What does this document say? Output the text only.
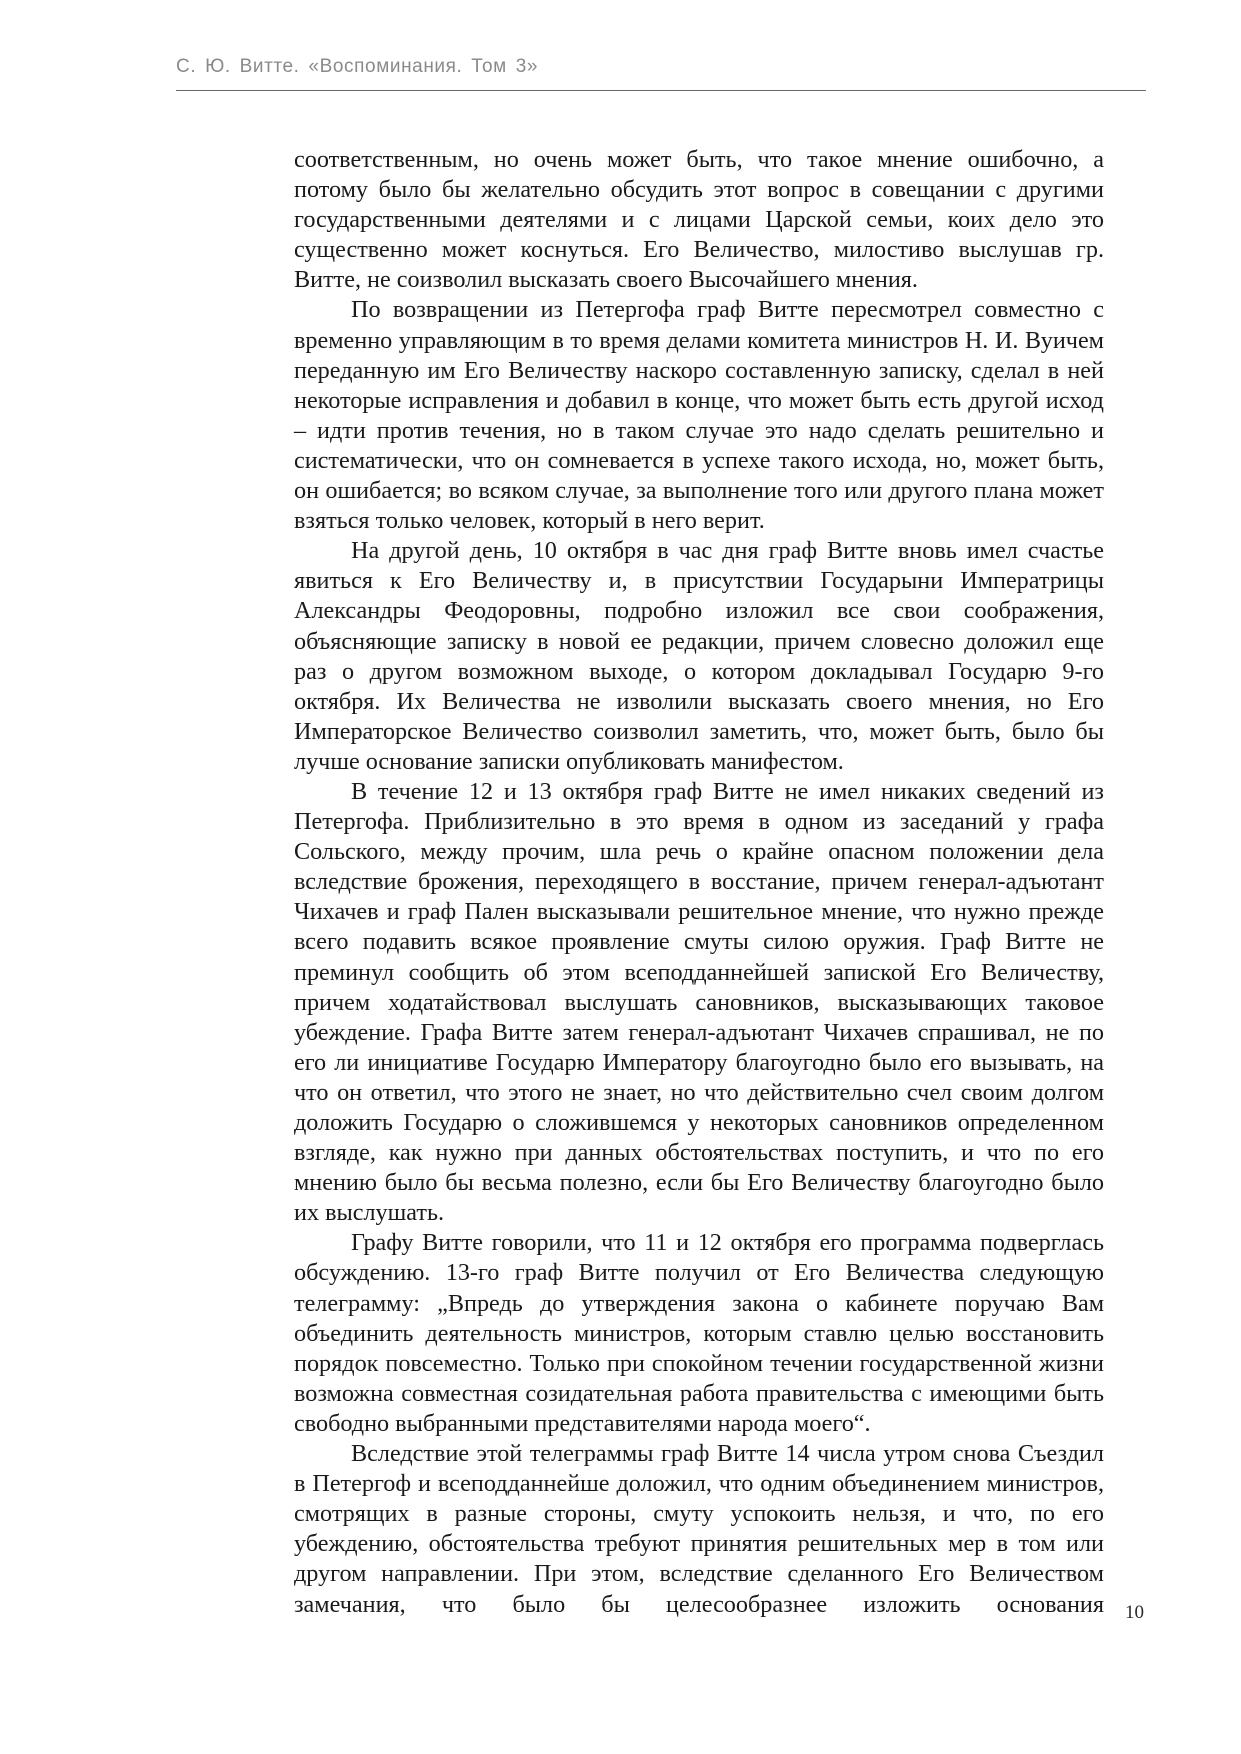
С. Ю. Витте. «Воспоминания. Том 3»

соответственным, но очень может быть, что такое мнение ошибочно, а потому было бы желательно обсудить этот вопрос в совещании с другими государственными деятелями и с лицами Царской семьи, коих дело это существенно может коснуться. Его Величество, милостиво выслушав гр. Витте, не соизволил высказать своего Высочайшего мнения.

По возвращении из Петергофа граф Витте пересмотрел совместно с временно управляющим в то время делами комитета министров Н. И. Вуичем переданную им Его Величеству наскоро составленную записку, сделал в ней некоторые исправления и добавил в конце, что может быть есть другой исход – идти против течения, но в таком случае это надо сделать решительно и систематически, что он сомневается в успехе такого исхода, но, может быть, он ошибается; во всяком случае, за выполнение того или другого плана может взяться только человек, который в него верит.

На другой день, 10 октября в час дня граф Витте вновь имел счастье явиться к Его Величеству и, в присутствии Государыни Императрицы Александры Феодоровны, подробно изложил все свои соображения, объясняющие записку в новой ее редакции, причем словесно доложил еще раз о другом возможном выходе, о котором докладывал Государю 9-го октября. Их Величества не изволили высказать своего мнения, но Его Императорское Величество соизволил заметить, что, может быть, было бы лучше основание записки опубликовать манифестом.

В течение 12 и 13 октября граф Витте не имел никаких сведений из Петергофа. Приблизительно в это время в одном из заседаний у графа Сольского, между прочим, шла речь о крайне опасном положении дела вследствие брожения, переходящего в восстание, причем генерал-адъютант Чихачев и граф Пален высказывали решительное мнение, что нужно прежде всего подавить всякое проявление смуты силою оружия. Граф Витте не преминул сообщить об этом всеподданнейшей запиской Его Величеству, причем ходатайствовал выслушать сановников, высказывающих таковое убеждение. Графа Витте затем генерал-адъютант Чихачев спрашивал, не по его ли инициативе Государю Императору благоугодно было его вызывать, на что он ответил, что этого не знает, но что действительно счел своим долгом доложить Государю о сложившемся у некоторых сановников определенном взгляде, как нужно при данных обстоятельствах поступить, и что по его мнению было бы весьма полезно, если бы Его Величеству благоугодно было их выслушать.

Графу Витте говорили, что 11 и 12 октября его программа подверглась обсуждению. 13-го граф Витте получил от Его Величества следующую телеграмму: „Впредь до утверждения закона о кабинете поручаю Вам объединить деятельность министров, которым ставлю целью восстановить порядок повсеместно. Только при спокойном течении государственной жизни возможна совместная созидательная работа правительства с имеющими быть свободно выбранными представителями народа моего“.

Вследствие этой телеграммы граф Витте 14 числа утром снова Съездил в Петергоф и всеподданнейше доложил, что одним объединением министров, смотрящих в разные стороны, смуту успокоить нельзя, и что, по его убеждению, обстоятельства требуют принятия решительных мер в том или другом направлении. При этом, вследствие сделанного Его Величеством замечания, что было бы целесообразнее изложить основания 10
